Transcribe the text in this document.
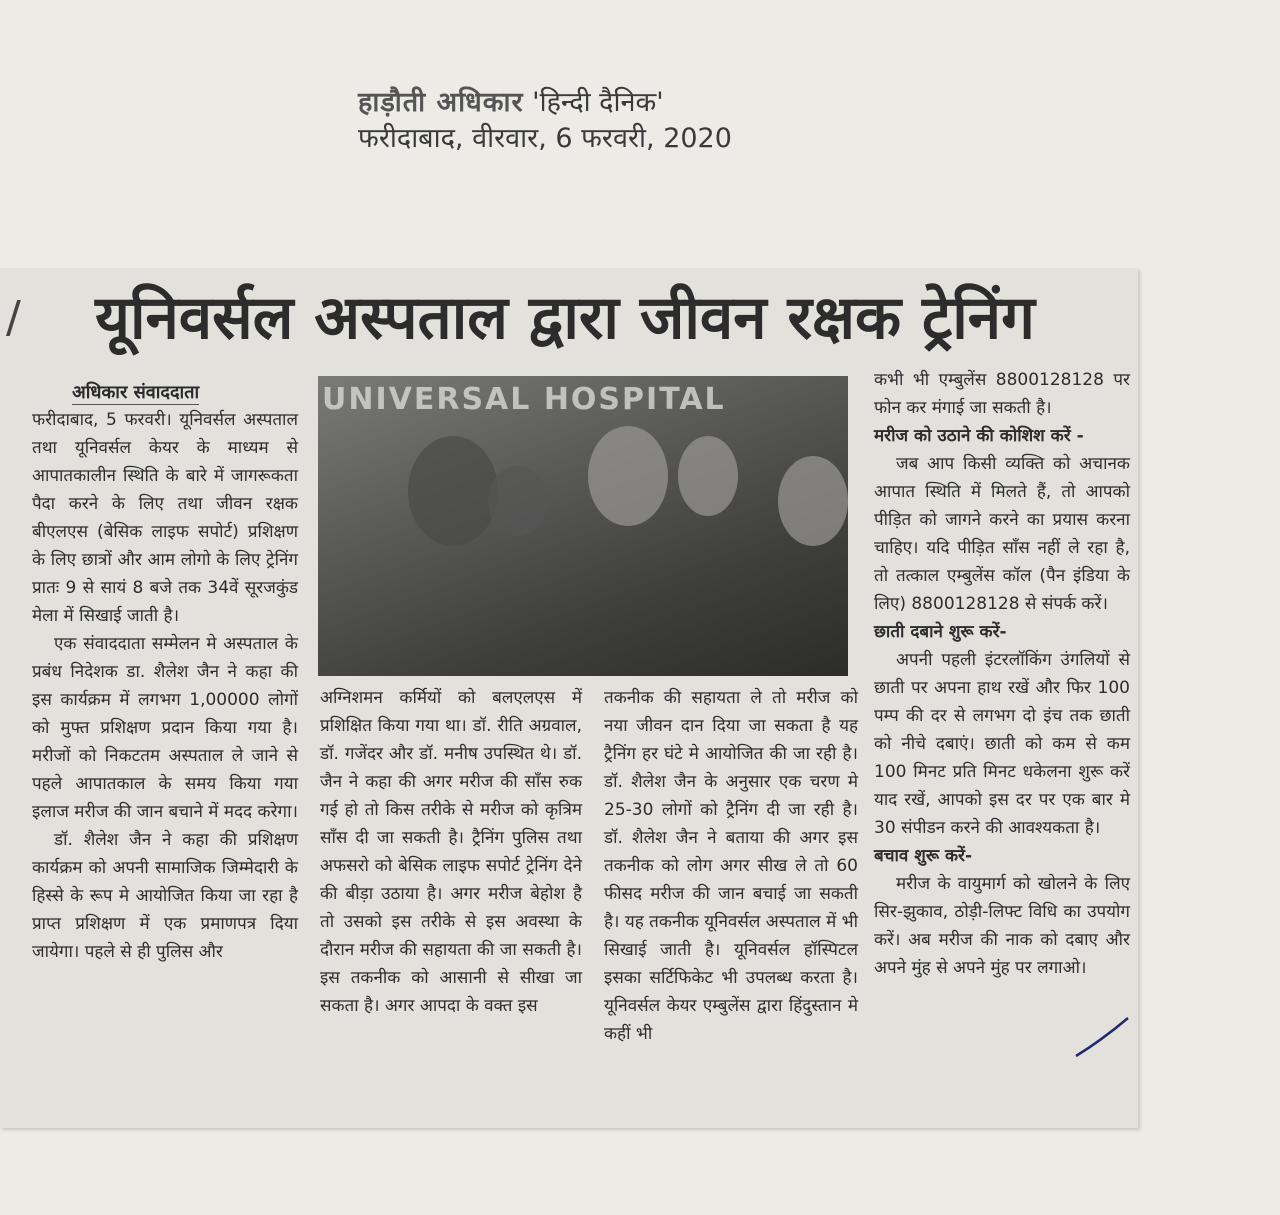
हाड़ौती अधिकार 'हिन्दी दैनिक'
फरीदाबाद, वीरवार, 6 फरवरी, 2020
/	यूनिवर्सल अस्पताल द्वारा जीवन रक्षक ट्रेनिंग
अधिकार संवाददाता

फरीदाबाद, 5 फरवरी। यूनिवर्सल अस्पताल तथा यूनिवर्सल केयर के माध्यम से आपातकालीन स्थिति के बारे में जागरूकता पैदा करने के लिए तथा जीवन रक्षक बीएलएस (बेसिक लाइफ सपोर्ट) प्रशिक्षण के लिए छात्रों और आम लोगो के लिए ट्रेनिंग प्रातः 9 से सायं 8 बजे तक 34वें सूरजकुंड मेला में सिखाई जाती है।

एक संवाददाता सम्मेलन मे अस्पताल के प्रबंध निदेशक डा. शैलेश जैन ने कहा की इस कार्यक्रम में लगभग 1,00000 लोगों को मुफ्त प्रशिक्षण प्रदान किया गया है। मरीजों को निकटतम अस्पताल ले जाने से पहले आपातकाल के समय किया गया इलाज मरीज की जान बचाने में मदद करेगा।

डॉ. शैलेश जैन ने कहा की प्रशिक्षण कार्यक्रम को अपनी सामाजिक जिम्मेदारी के हिस्से के रूप मे आयोजित किया जा रहा है प्राप्त प्रशिक्षण में एक प्रमाणपत्र दिया जायेगा। पहले से ही पुलिस और

UNIVERSAL HOSPITAL

अग्निशमन कर्मियों को बलएलएस में प्रशिक्षित किया गया था। डॉ. रीति अग्रवाल, डॉ. गजेंदर और डॉ. मनीष उपस्थित थे। डॉ. जैन ने कहा की अगर मरीज की साँस रुक गई हो तो किस तरीके से मरीज को कृत्रिम साँस दी जा सकती है। ट्रैनिंग पुलिस तथा अफसरो को बेसिक लाइफ सपोर्ट ट्रेनिंग देने की बीड़ा उठाया है। अगर मरीज बेहोश है तो उसको इस तरीके से इस अवस्था के दौरान मरीज की सहायता की जा सकती है। इस तकनीक को आसानी से सीखा जा सकता है। अगर आपदा के वक्त इस

तकनीक की सहायता ले तो मरीज को नया जीवन दान दिया जा सकता है यह ट्रैनिंग हर घंटे मे आयोजित की जा रही है। डॉ. शैलेश जैन के अनुसार एक चरण मे 25-30 लोगों को ट्रैनिंग दी जा रही है। डॉ. शैलेश जैन ने बताया की अगर इस तकनीक को लोग अगर सीख ले तो 60 फीसद मरीज की जान बचाई जा सकती है। यह तकनीक यूनिवर्सल अस्पताल में भी सिखाई जाती है। यूनिवर्सल हॉस्पिटल इसका सर्टिफिकेट भी उपलब्ध करता है। यूनिवर्सल केयर एम्बुलेंस द्वारा हिंदुस्तान मे कहीं भी

कभी भी एम्बुलेंस 8800128128 पर फोन कर मंगाई जा सकती है।

मरीज को उठाने की कोशिश करें -

जब आप किसी व्यक्ति को अचानक आपात स्थिति में मिलते हैं, तो आपको पीड़ित को जागने करने का प्रयास करना चाहिए। यदि पीड़ित साँस नहीं ले रहा है, तो तत्काल एम्बुलेंस कॉल (पैन इंडिया के लिए) 8800128128 से संपर्क करें।

छाती दबाने शुरू करें-

अपनी पहली इंटरलॉकिंग उंगलियों से छाती पर अपना हाथ रखें और फिर 100 पम्प की दर से लगभग दो इंच तक छाती को नीचे दबाएं। छाती को कम से कम 100 मिनट प्रति मिनट धकेलना शुरू करें याद रखें, आपको इस दर पर एक बार मे 30 संपीडन करने की आवश्यकता है।

बचाव शुरू करें-

मरीज के वायुमार्ग को खोलने के लिए सिर-झुकाव, ठोड़ी-लिफ्ट विधि का उपयोग करें। अब मरीज की नाक को दबाए और अपने मुंह से अपने मुंह पर लगाओ।
